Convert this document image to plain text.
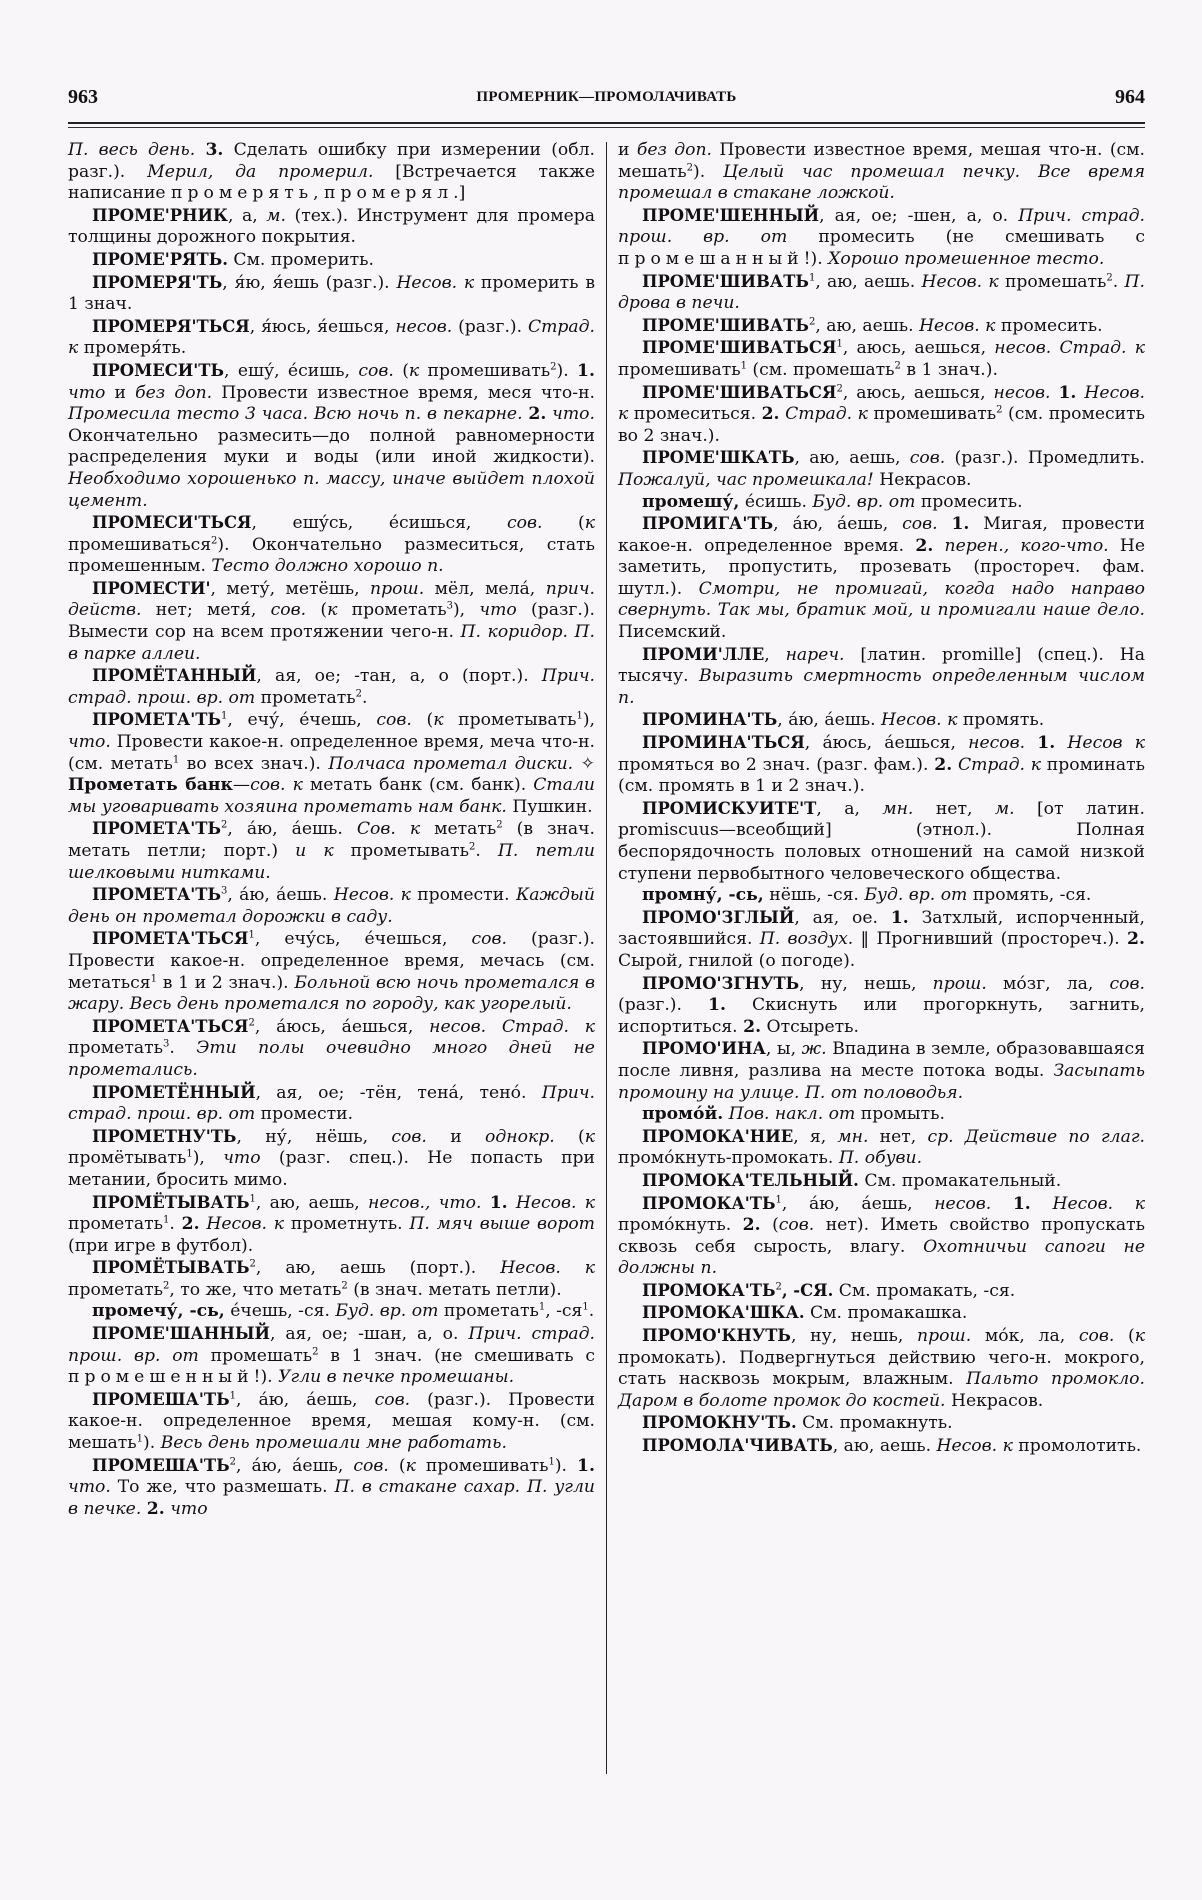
963	ПРОМЕРНИК—ПРОМОЛАЧИВАТЬ	964

П. весь день. 3. Сделать ошибку при измерении (обл. разг.). Мерил, да промерил. [Встречается также написание промерять, промерял.]

ПРОМЕ'РНИК, а, м. (тех.). Инструмент для промера толщины дорожного покрытия.

ПРОМЕ'РЯТЬ. См. промерить.

ПРОМЕРЯ'ТЬ, я́ю, я́ешь (разг.). Несов. к промерить в 1 знач.

ПРОМЕРЯ'ТЬСЯ, я́юсь, я́ешься, несов. (разг.). Страд. к промеря́ть.

ПРОМЕСИ'ТЬ, ешу́, е́сишь, сов. (к промешивать$^2$). 1. что и без доп. Провести известное время, меся что-н. Промесила тесто 3 часа. Всю ночь п. в пекарне. 2. что. Окончательно размесить—до полной равномерности распределения муки и воды (или иной жидкости). Необходимо хорошенько п. массу, иначе выйдет плохой цемент.

ПРОМЕСИ'ТЬСЯ, ешу́сь, е́сишься, сов. (к промешиваться$^2$). Окончательно размеситься, стать промешенным. Тесто должно хорошо п.

ПРОМЕСТИ', мету́, метёшь, прош. мёл, мела́, прич. действ. нет; метя́, сов. (к прометать$^3$), что (разг.). Вымести сор на всем протяжении чего-н. П. коридор. П. в парке аллеи.

ПРОМЁТАННЫЙ, ая, ое; -тан, а, о (порт.). Прич. страд. прош. вр. от прометать$^2$.

$ПРОМЕТА'ТЬ^1$, ечу́, е́чешь, сов. (к прометывать$^1$), что. Провести какое-н. определенное время, меча что-н. (см. метать$^1$ во всех знач.). Полчаса прометал диски. ✧ Прометать банк—сов. к метать банк (см. банк). Стали мы уговаривать хозяина прометать нам банк. Пушкин.

$ПРОМЕТА'ТЬ^2$, а́ю, а́ешь. Сов. к метать$^2$ (в знач. метать петли; порт.) и к прометывать$^2$. П. петли шелковыми нитками.

$ПРОМЕТА'ТЬ^3$, а́ю, а́ешь. Несов. к промести. Каждый день он прометал дорожки в саду.

ПРОМЕТА'ТЬСЯ$^1$, ечу́сь, е́чешься, сов. (разг.). Провести какое-н. определенное время, мечась (см. метаться$^1$ в 1 и 2 знач.). Больной всю ночь прометался в жару. Весь день прометался по городу, как угорелый.

ПРОМЕТА'ТЬСЯ$^2$, а́юсь, а́ешься, несов. Страд. к прометать$^3$. Эти полы очевидно много дней не прометались.

ПРОМЕТЁННЫЙ, ая, ое; -тён, тена́, тено́. Прич. страд. прош. вр. от промести.

ПРОМЕТНУ'ТЬ, ну́, нёшь, сов. и однокр. (к промётывать$^1$), что (разг. спец.). Не попасть при метании, бросить мимо.

ПРОМЁТЫВАТЬ$^1$, аю, аешь, несов., что. 1. Несов. к прометать$^1$. 2. Несов. к прометнуть. П. мяч выше ворот (при игре в футбол).

ПРОМЁТЫВАТЬ$^2$, аю, аешь (порт.). Несов. к прометать$^2$, то же, что метать$^2$ (в знач. метать петли).

промечу́, -сь, е́чешь, -ся. Буд. вр. от прометать$^1$, $-ся^1$.

ПРОМЕ'ШАННЫЙ, ая, ое; -шан, а, о. Прич. страд. прош. вр. от промешать$^2$ в 1 знач. (не смешивать с промешенный!). Угли в печке промешаны.

$ПРОМЕША'ТЬ^1$, а́ю, а́ешь, сов. (разг.). Провести какое-н. определенное время, мешая кому-н. (см. мешать$^1$). Весь день промешали мне работать.

$ПРОМЕША'ТЬ^2$, а́ю, а́ешь, сов. (к промешивать$^1$). 1. что. То же, что размешать. П. в стакане сахар. П. угли в печке. 2. что

и без доп. Провести известное время, мешая что-н. (см. мешать$^2$). Целый час промешал печку. Все время промешал в стакане ложкой.

ПРОМЕ'ШЕННЫЙ, ая, ое; -шен, а, о. Прич. страд. прош. вр. от промесить (не смешивать с промешанный!). Хорошо промешенное тесто.

ПРОМЕ'ШИВАТЬ$^1$, аю, аешь. Несов. к промешать$^2$. П. дрова в печи.

ПРОМЕ'ШИВАТЬ$^2$, аю, аешь. Несов. к промесить.

ПРОМЕ'ШИВАТЬСЯ$^1$, аюсь, аешься, несов. Страд. к промешивать$^1$ (см. промешать$^2$ в 1 знач.).

ПРОМЕ'ШИВАТЬСЯ$^2$, аюсь, аешься, несов. 1. Несов. к промеситься. 2. Страд. к промешивать$^2$ (см. промесить во 2 знач.).

ПРОМЕ'ШКАТЬ, аю, аешь, сов. (разг.). Промедлить. Пожалуй, час промешкала! Некрасов.

промешу́, е́сишь. Буд. вр. от промесить.

ПРОМИГА'ТЬ, а́ю, а́ешь, сов. 1. Мигая, провести какое-н. определенное время. 2. перен., кого-что. Не заметить, пропустить, прозевать (простореч. фам. шутл.). Смотри, не промигай, когда надо направо свернуть. Так мы, братик мой, и промигали наше дело. Писемский.

ПРОМИ'ЛЛЕ, нареч. [латин. promille] (спец.). На тысячу. Выразить смертность определенным числом п.

ПРОМИНА'ТЬ, а́ю, а́ешь. Несов. к промять.

ПРОМИНА'ТЬСЯ, а́юсь, а́ешься, несов. 1. Несов к промяться во 2 знач. (разг. фам.). 2. Страд. к проминать (см. промять в 1 и 2 знач.).

ПРОМИСКУИТЕ'Т, а, мн. нет, м. [от латин. promiscuus—всеобщий] (этнол.). Полная беспорядочность половых отношений на самой низкой ступени первобытного человеческого общества.

промну́, -сь, нёшь, -ся. Буд. вр. от промять, -ся.

ПРОМО'ЗГЛЫЙ, ая, ое. 1. Затхлый, испорченный, застоявшийся. П. воздух. ‖ Прогнивший (простореч.). 2. Сырой, гнилой (о погоде).

ПРОМО'ЗГНУТЬ, ну, нешь, прош. мо́зг, ла, сов. (разг.). 1. Скиснуть или прогоркнуть, загнить, испортиться. 2. Отсыреть.

ПРОМО'ИНА, ы, ж. Впадина в земле, образовавшаяся после ливня, разлива на месте потока воды. Засыпать промоину на улице. П. от половодья.

промо́й. Пов. накл. от промыть.

ПРОМОКА'НИЕ, я, мн. нет, ср. Действие по глаг. промо́кнуть-промокать. П. обуви.

ПРОМОКА'ТЕЛЬНЫЙ. См. промакательный.

$ПРОМОКА'ТЬ^1$, а́ю, а́ешь, несов. 1. Несов. к промо́кнуть. 2. (сов. нет). Иметь свойство пропускать сквозь себя сырость, влагу. Охотничьи сапоги не должны п.

$ПРОМОКА'ТЬ^2$, -СЯ. См. промакать, -ся.

ПРОМОКА'ШКА. См. промакашка.

ПРОМО'КНУТЬ, ну, нешь, прош. мо́к, ла, сов. (к промокать). Подвергнуться действию чего-н. мокрого, стать насквозь мокрым, влажным. Пальто промокло. Даром в болоте промок до костей. Некрасов.

ПРОМОКНУ'ТЬ. См. промакнуть.

ПРОМОЛА'ЧИВАТЬ, аю, аешь. Несов. к промолотить.
